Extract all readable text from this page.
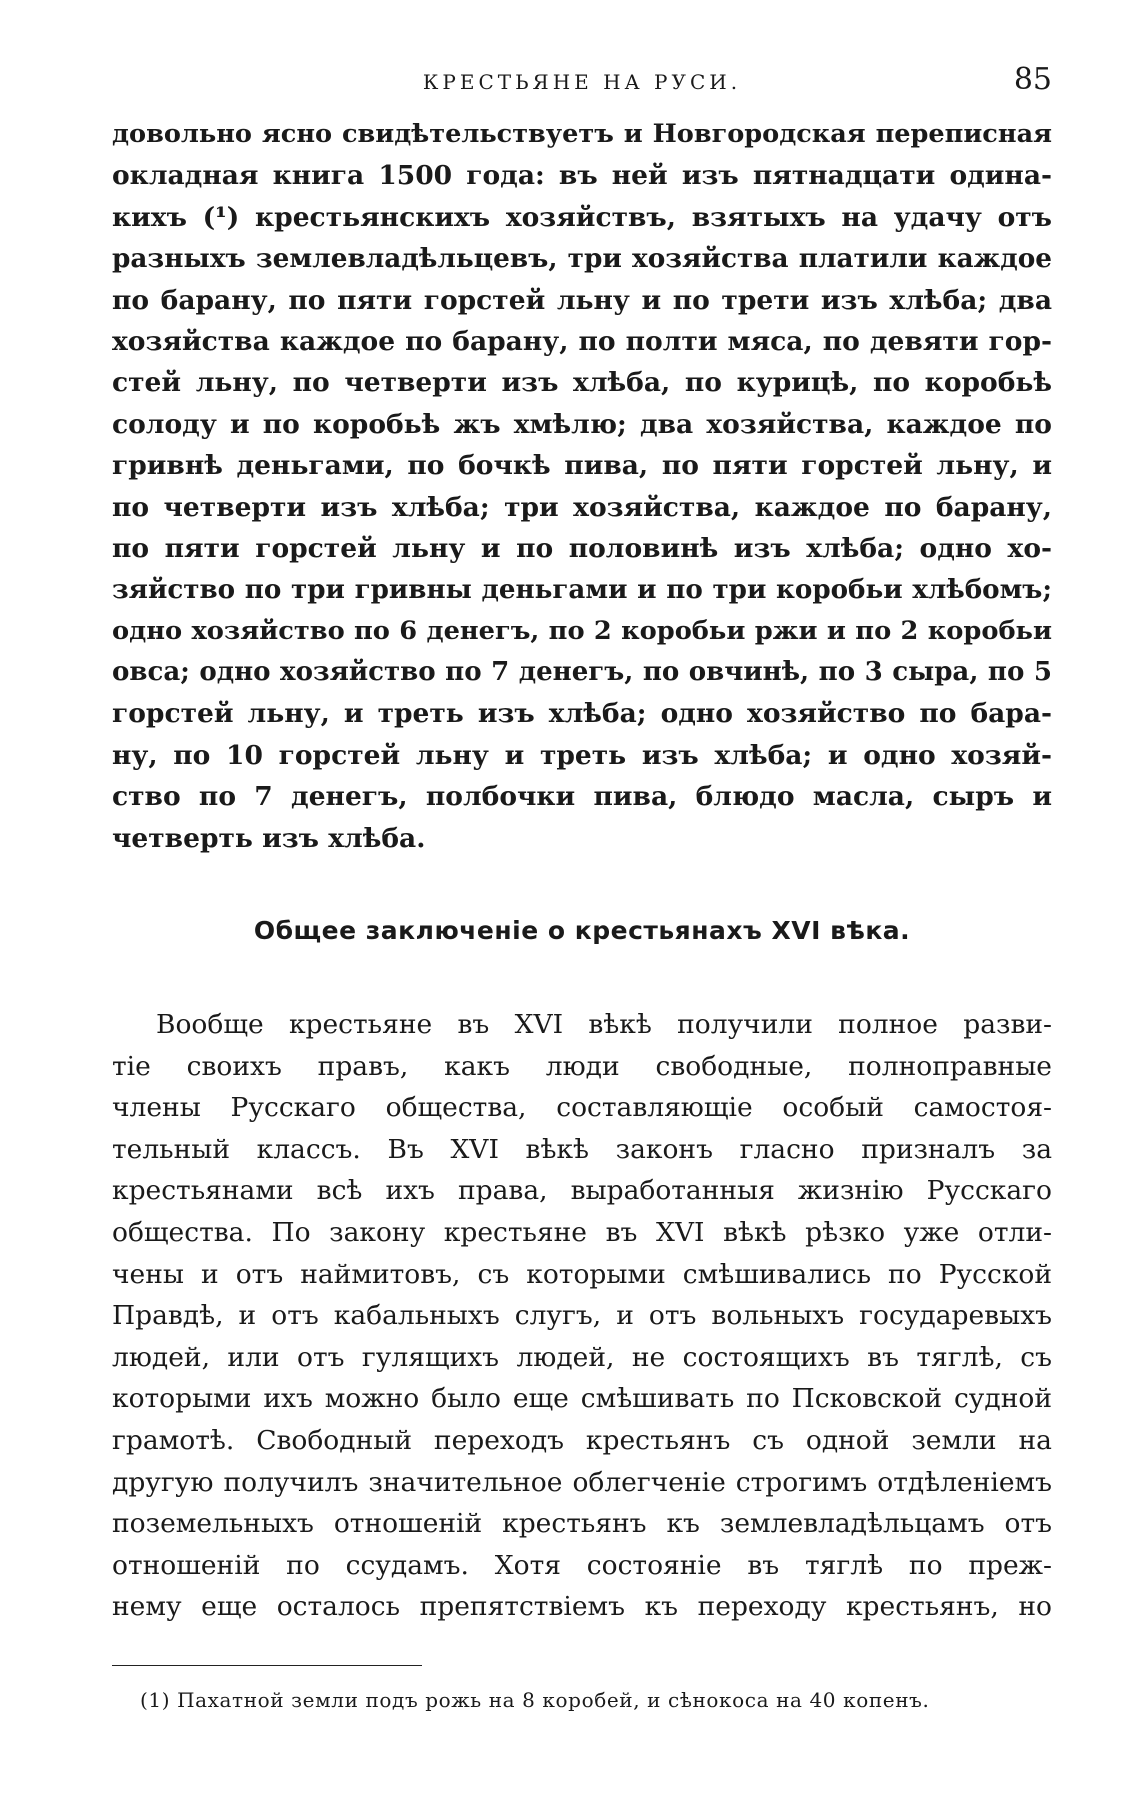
КРЕСТЬЯНЕ НА РУСИ.	85
довольно ясно свидѣтельствуетъ и Новгородская переписная
окладная книга 1500 года: въ ней изъ пятнадцати одина-
кихъ (¹) крестьянскихъ хозяйствъ, взятыхъ на удачу отъ
разныхъ землевладѣльцевъ, три хозяйства платили каждое
по барану, по пяти горстей льну и по трети изъ хлѣба; два
хозяйства каждое по барану, по полти мяса, по девяти гор-
стей льну, по четверти изъ хлѣба, по курицѣ, по коробьѣ
солоду и по коробьѣ жъ хмѣлю; два хозяйства, каждое по
гривнѣ деньгами, по бочкѣ пива, по пяти горстей льну, и
по четверти изъ хлѣба; три хозяйства, каждое по барану,
по пяти горстей льну и по половинѣ изъ хлѣба; одно хо-
зяйство по три гривны деньгами и по три коробьи хлѣбомъ;
одно хозяйство по 6 денегъ, по 2 коробьи ржи и по 2 коробьи
овса; одно хозяйство по 7 денегъ, по овчинѣ, по 3 сыра, по 5
горстей льну, и треть изъ хлѣба; одно хозяйство по бара-
ну, по 10 горстей льну и треть изъ хлѣба; и одно хозяй-
ство по 7 денегъ, полбочки пива, блюдо масла, сыръ и
четверть изъ хлѣба.
Общее заключеніе о крестьянахъ XVI вѣка.
Вообще крестьяне въ XVI вѣкѣ получили полное разви-
тіе своихъ правъ, какъ люди свободные, полноправные
члены Русскаго общества, составляющіе особый самостоя-
тельный классъ. Въ XVI вѣкѣ законъ гласно призналъ за
крестьянами всѣ ихъ права, выработанныя жизнію Русскаго
общества. По закону крестьяне въ XVI вѣкѣ рѣзко уже отли-
чены и отъ наймитовъ, съ которыми смѣшивались по Русской
Правдѣ, и отъ кабальныхъ слугъ, и отъ вольныхъ государевыхъ
людей, или отъ гулящихъ людей, не состоящихъ въ тяглѣ, съ
которыми ихъ можно было еще смѣшивать по Псковской судной
грамотѣ. Свободный переходъ крестьянъ съ одной земли на
другую получилъ значительное облегченіе строгимъ отдѣленіемъ
поземельныхъ отношеній крестьянъ къ землевладѣльцамъ отъ
отношеній по ссудамъ. Хотя состояніе въ тяглѣ по преж-
нему еще осталось препятствіемъ къ переходу крестьянъ, но
(1) Пахатной земли подъ рожь на 8 коробей, и сѣнокоса на 40 копенъ.
